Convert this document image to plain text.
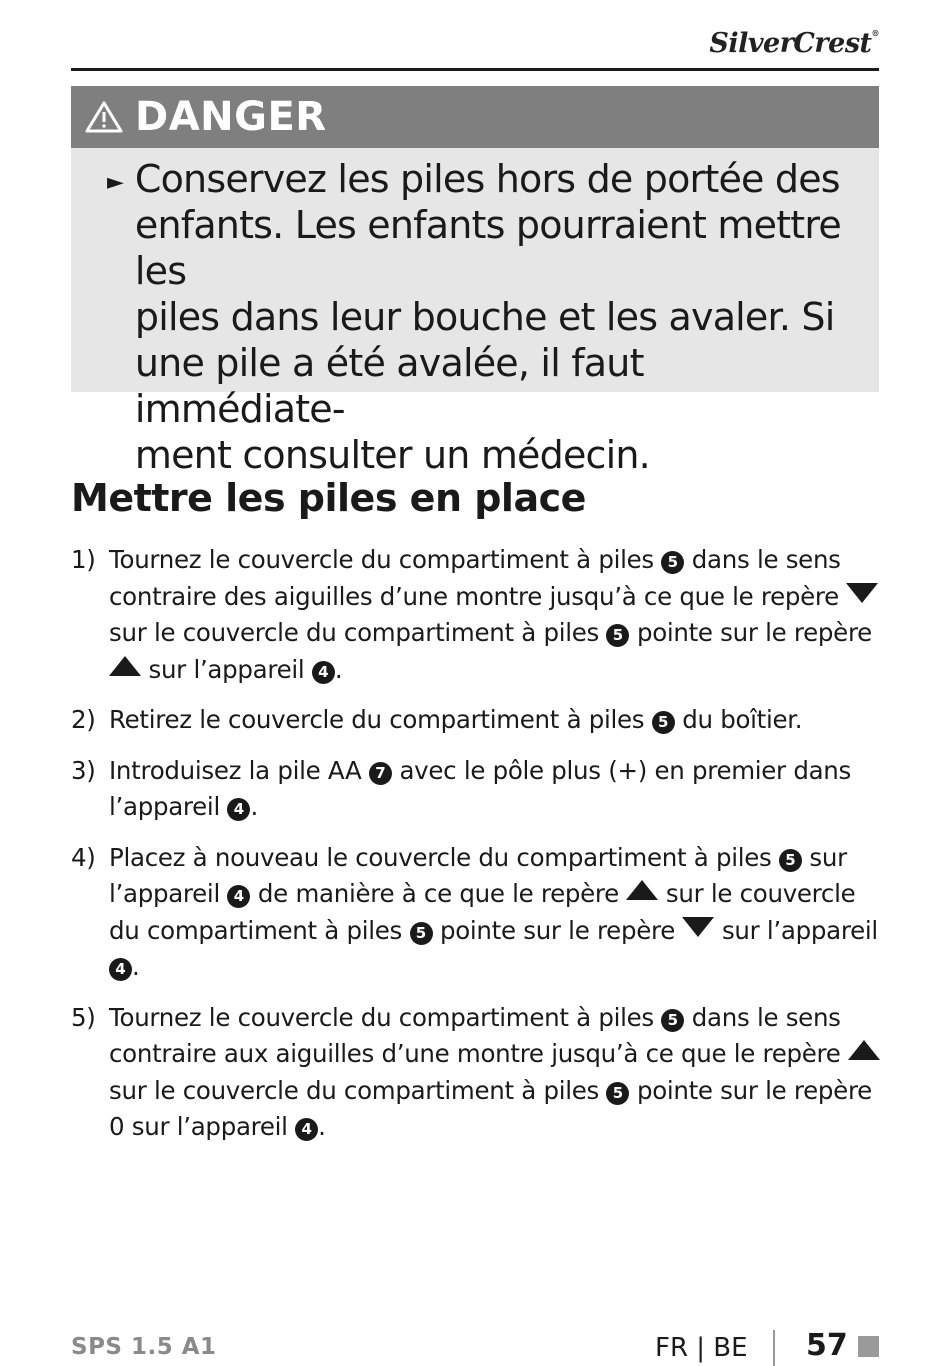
SilverCrest®
DANGER
► Conservez les piles hors de portée des
enfants. Les enfants pourraient mettre les
piles dans leur bouche et les avaler. Si
une pile a été avalée, il faut immédiate-
ment consulter un médecin.
Mettre les piles en place
1) Tournez le couvercle du compartiment à piles 5 dans le sens contraire des aiguilles d’une montre jusqu’à ce que le repère  sur le couvercle du compartiment à piles 5 pointe sur le repère  sur l’appareil 4 .
2) Retirez le couvercle du compartiment à piles 5 du boîtier.
3) Introduisez la pile AA 7 avec le pôle plus (+) en premier dans l’appareil 4 .
4) Placez à nouveau le couvercle du compartiment à piles 5 sur l’appareil 4 de manière à ce que le repère  sur le couvercle du compartiment à piles 5 pointe sur le repère  sur l’appareil 4 .
5) Tournez le couvercle du compartiment à piles 5 dans le sens contraire aux aiguilles d’une montre jusqu’à ce que le repère  sur le couvercle du compartiment à piles 5 pointe sur le repère 0 sur l’appareil 4 .
SPS 1.5 A1	FR | BE 57
